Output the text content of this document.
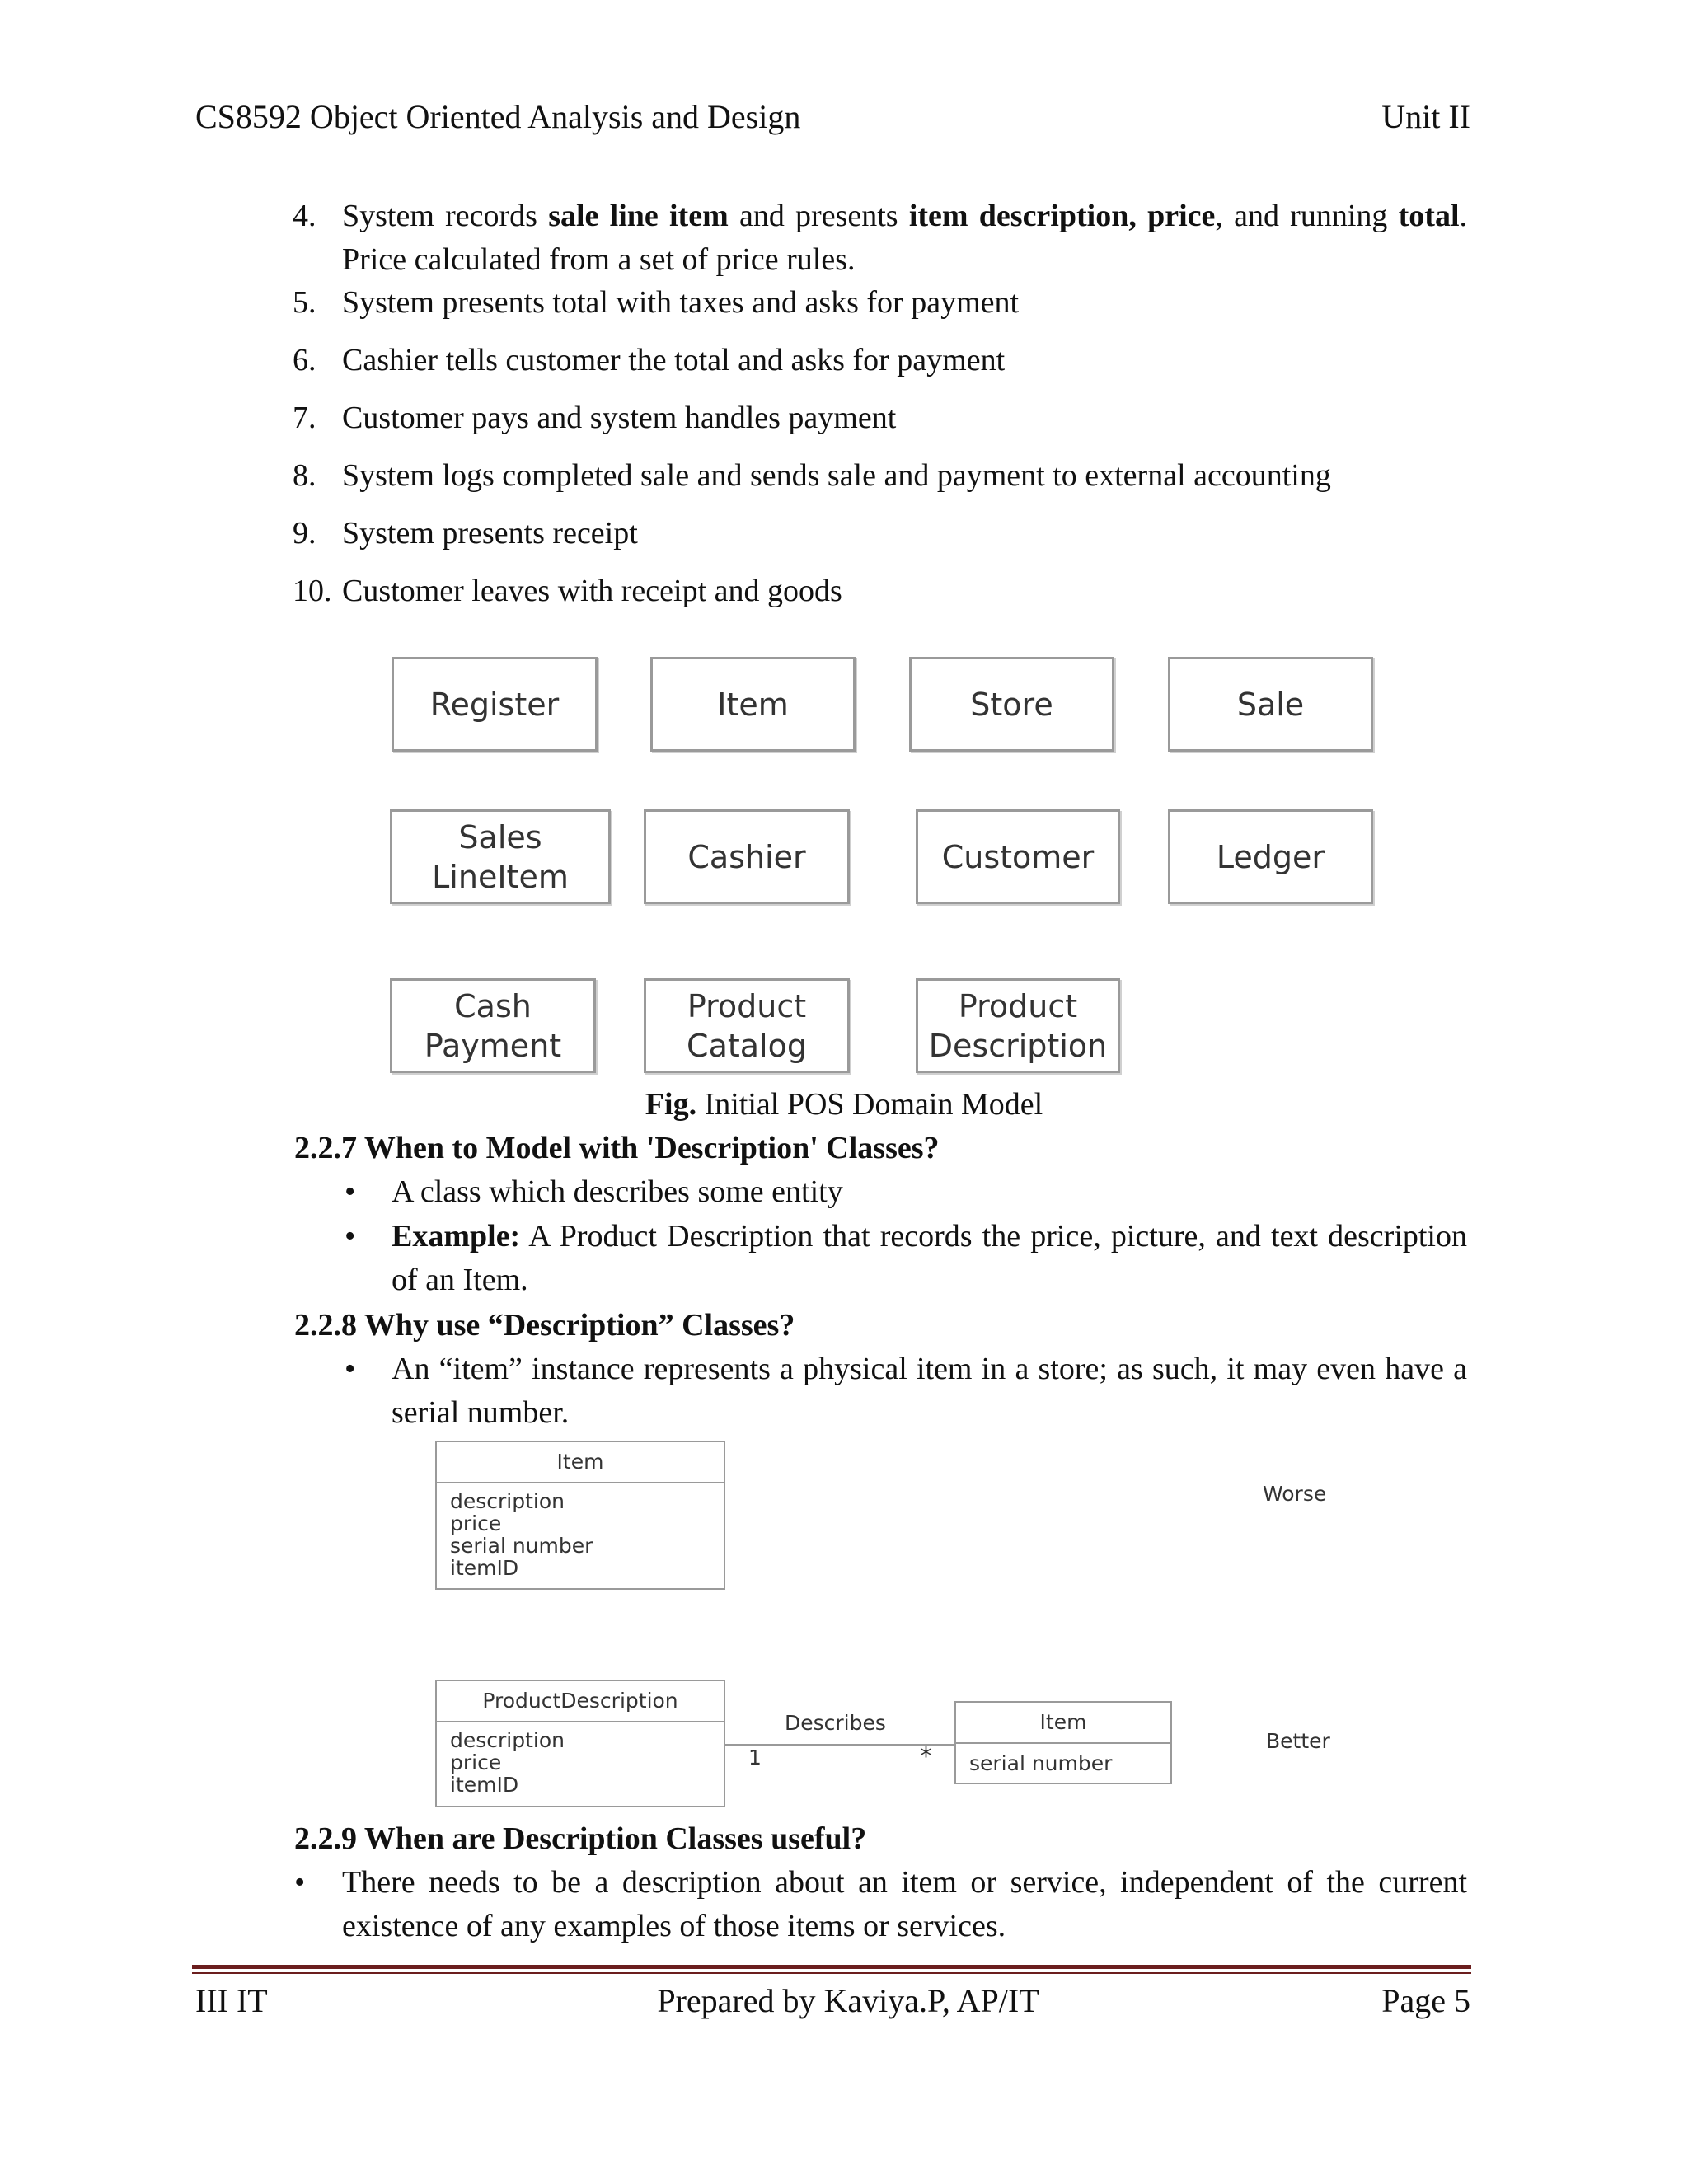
CS8592 Object Oriented Analysis and Design	Unit II
4. System records sale line item and presents item description, price, and running total. Price calculated from a set of price rules.
5. System presents total with taxes and asks for payment
6. Cashier tells customer the total and asks for payment
7. Customer pays and system handles payment
8. System logs completed sale and sends sale and payment to external accounting
9. System presents receipt
10. Customer leaves with receipt and goods
Register	Item	Store	Sale
Sales
LineItem
Cashier	Customer	Ledger
Cash
Payment
Product
Catalog
Product
Description
Fig. Initial POS Domain Model
2.2.7 When to Model with 'Description' Classes?
• A class which describes some entity
• Example: A Product Description that records the price, picture, and text description of an Item.
2.2.8 Why use “Description” Classes?
• An “item” instance represents a physical item in a store; as such, it may even have a serial number.
Item
description
price
serial number
itemID
Worse
ProductDescription
description
price
itemID
Describes
1	*
Item
serial number
Better
2.2.9 When are Description Classes useful?
• There needs to be a description about an item or service, independent of the current existence of any examples of those items or services.
III IT	Prepared by Kaviya.P, AP/IT	Page 5
